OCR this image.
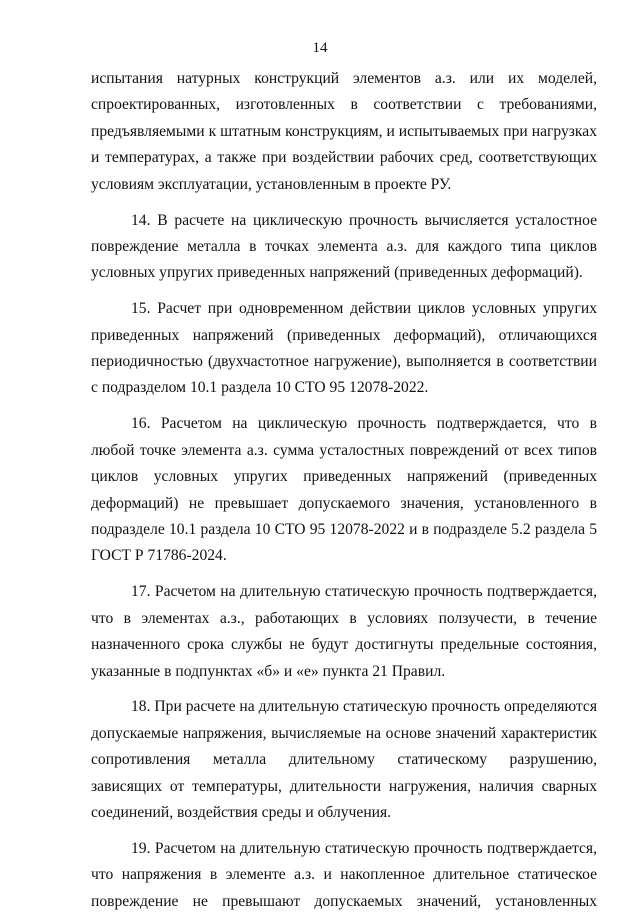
14

испытания натурных конструкций элементов а.з. или их моделей, спроектированных, изготовленных в соответствии с требованиями, предъявляемыми к штатным конструкциям, и испытываемых при нагрузках и температурах, а также при воздействии рабочих сред, соответствующих условиям эксплуатации, установленным в проекте РУ.

14. В расчете на циклическую прочность вычисляется усталостное повреждение металла в точках элемента а.з. для каждого типа циклов условных упругих приведенных напряжений (приведенных деформаций).

15. Расчет при одновременном действии циклов условных упругих приведенных напряжений (приведенных деформаций), отличающихся периодичностью (двухчастотное нагружение), выполняется в соответствии с подразделом 10.1 раздела 10 СТО 95 12078-2022.

16. Расчетом на циклическую прочность подтверждается, что в любой точке элемента а.з. сумма усталостных повреждений от всех типов циклов условных упругих приведенных напряжений (приведенных деформаций) не превышает допускаемого значения, установленного в подразделе 10.1 раздела 10 СТО 95 12078-2022 и в подразделе 5.2 раздела 5 ГОСТ Р 71786-2024.

17. Расчетом на длительную статическую прочность подтверждается, что в элементах а.з., работающих в условиях ползучести, в течение назначенного срока службы не будут достигнуты предельные состояния, указанные в подпунктах «б» и «е» пункта 21 Правил.

18. При расчете на длительную статическую прочность определяются допускаемые напряжения, вычисляемые на основе значений характеристик сопротивления металла длительному статическому разрушению, зависящих от температуры, длительности нагружения, наличия сварных соединений, воздействия среды и облучения.

19. Расчетом на длительную статическую прочность подтверждается, что напряжения в элементе а.з. и накопленное длительное статическое повреждение не превышают допускаемых значений, установленных
